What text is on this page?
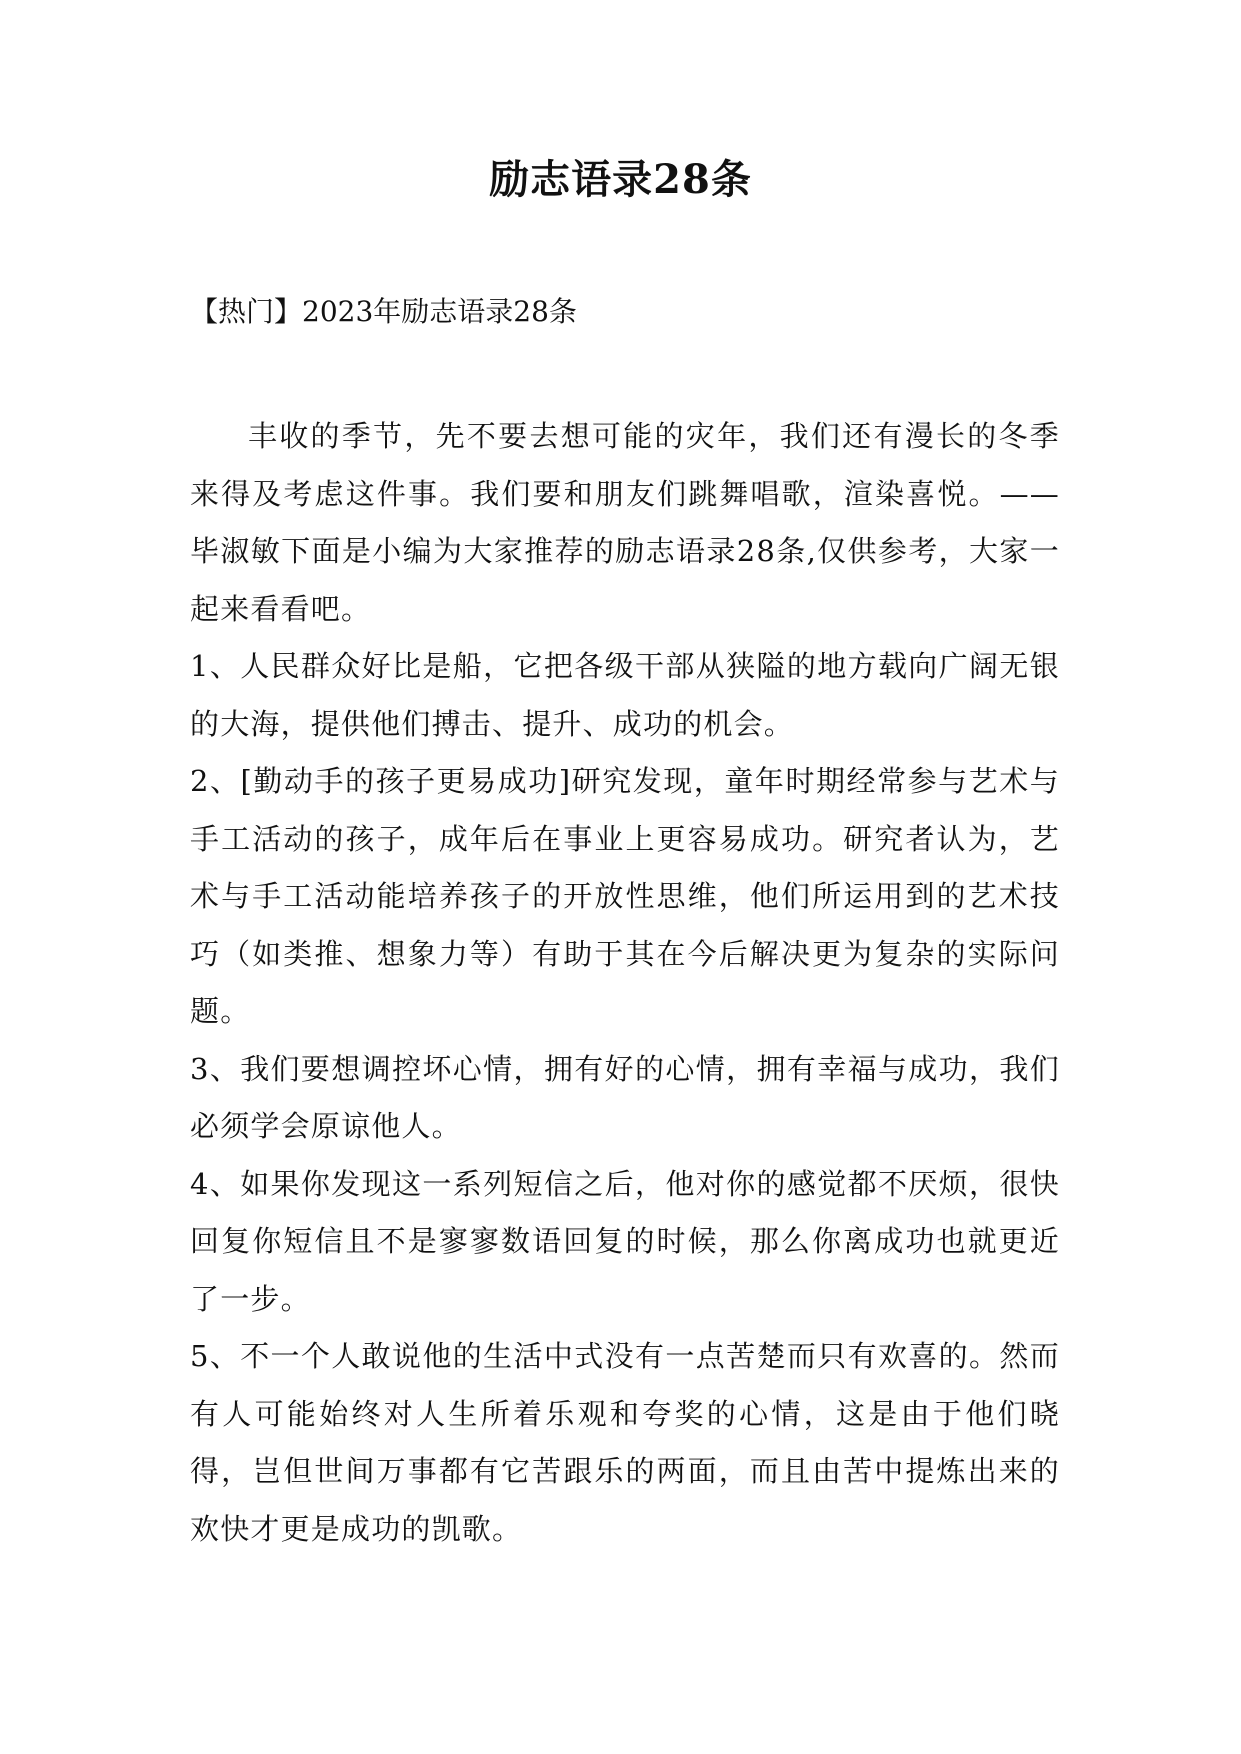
励志语录28条
【热门】2023年励志语录28条

丰收的季节，先不要去想可能的灾年，我们还有漫长的冬季来得及考虑这件事。我们要和朋友们跳舞唱歌，渲染喜悦。——毕淑敏下面是小编为大家推荐的励志语录28条,仅供参考，大家一起来看看吧。

1、人民群众好比是船，它把各级干部从狭隘的地方载向广阔无银的大海，提供他们搏击、提升、成功的机会。

2、[勤动手的孩子更易成功]研究发现，童年时期经常参与艺术与手工活动的孩子，成年后在事业上更容易成功。研究者认为，艺术与手工活动能培养孩子的开放性思维，他们所运用到的艺术技巧（如类推、想象力等）有助于其在今后解决更为复杂的实际问题。

3、我们要想调控坏心情，拥有好的心情，拥有幸福与成功，我们必须学会原谅他人。

4、如果你发现这一系列短信之后，他对你的感觉都不厌烦，很快回复你短信且不是寥寥数语回复的时候，那么你离成功也就更近了一步。

5、不一个人敢说他的生活中式没有一点苦楚而只有欢喜的。然而有人可能始终对人生所着乐观和夸奖的心情，这是由于他们晓得，岂但世间万事都有它苦跟乐的两面，而且由苦中提炼出来的欢快才更是成功的凯歌。
